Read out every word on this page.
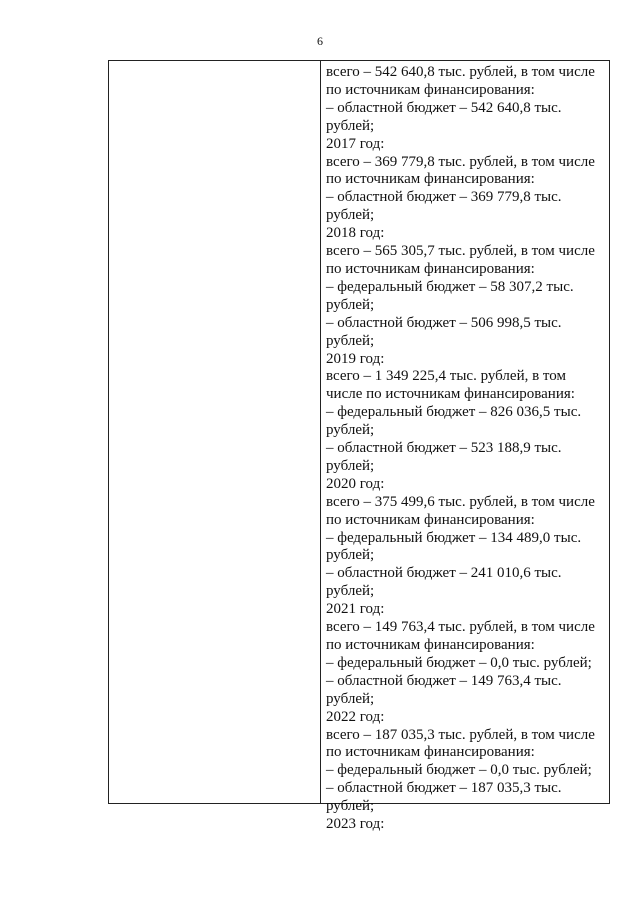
6
всего – 542 640,8 тыс. рублей, в том числе
по источникам финансирования:
– областной бюджет – 542 640,8 тыс.
рублей;
2017 год:
всего – 369 779,8 тыс. рублей, в том числе
по источникам финансирования:
– областной бюджет – 369 779,8 тыс.
рублей;
2018 год:
всего – 565 305,7 тыс. рублей, в том числе
по источникам финансирования:
– федеральный бюджет – 58 307,2 тыс.
рублей;
– областной бюджет – 506 998,5 тыс.
рублей;
2019 год:
всего – 1 349 225,4 тыс. рублей, в том
числе по источникам финансирования:
– федеральный бюджет – 826 036,5 тыс.
рублей;
– областной бюджет – 523 188,9 тыс.
рублей;
2020 год:
всего – 375 499,6 тыс. рублей, в том числе
по источникам финансирования:
– федеральный бюджет – 134 489,0 тыс.
рублей;
– областной бюджет – 241 010,6 тыс.
рублей;
2021 год:
всего – 149 763,4 тыс. рублей, в том числе
по источникам финансирования:
– федеральный бюджет – 0,0 тыс. рублей;
– областной бюджет – 149 763,4 тыс.
рублей;
2022 год:
всего – 187 035,3 тыс. рублей, в том числе
по источникам финансирования:
– федеральный бюджет – 0,0 тыс. рублей;
– областной бюджет – 187 035,3 тыс.
рублей;
2023 год:
